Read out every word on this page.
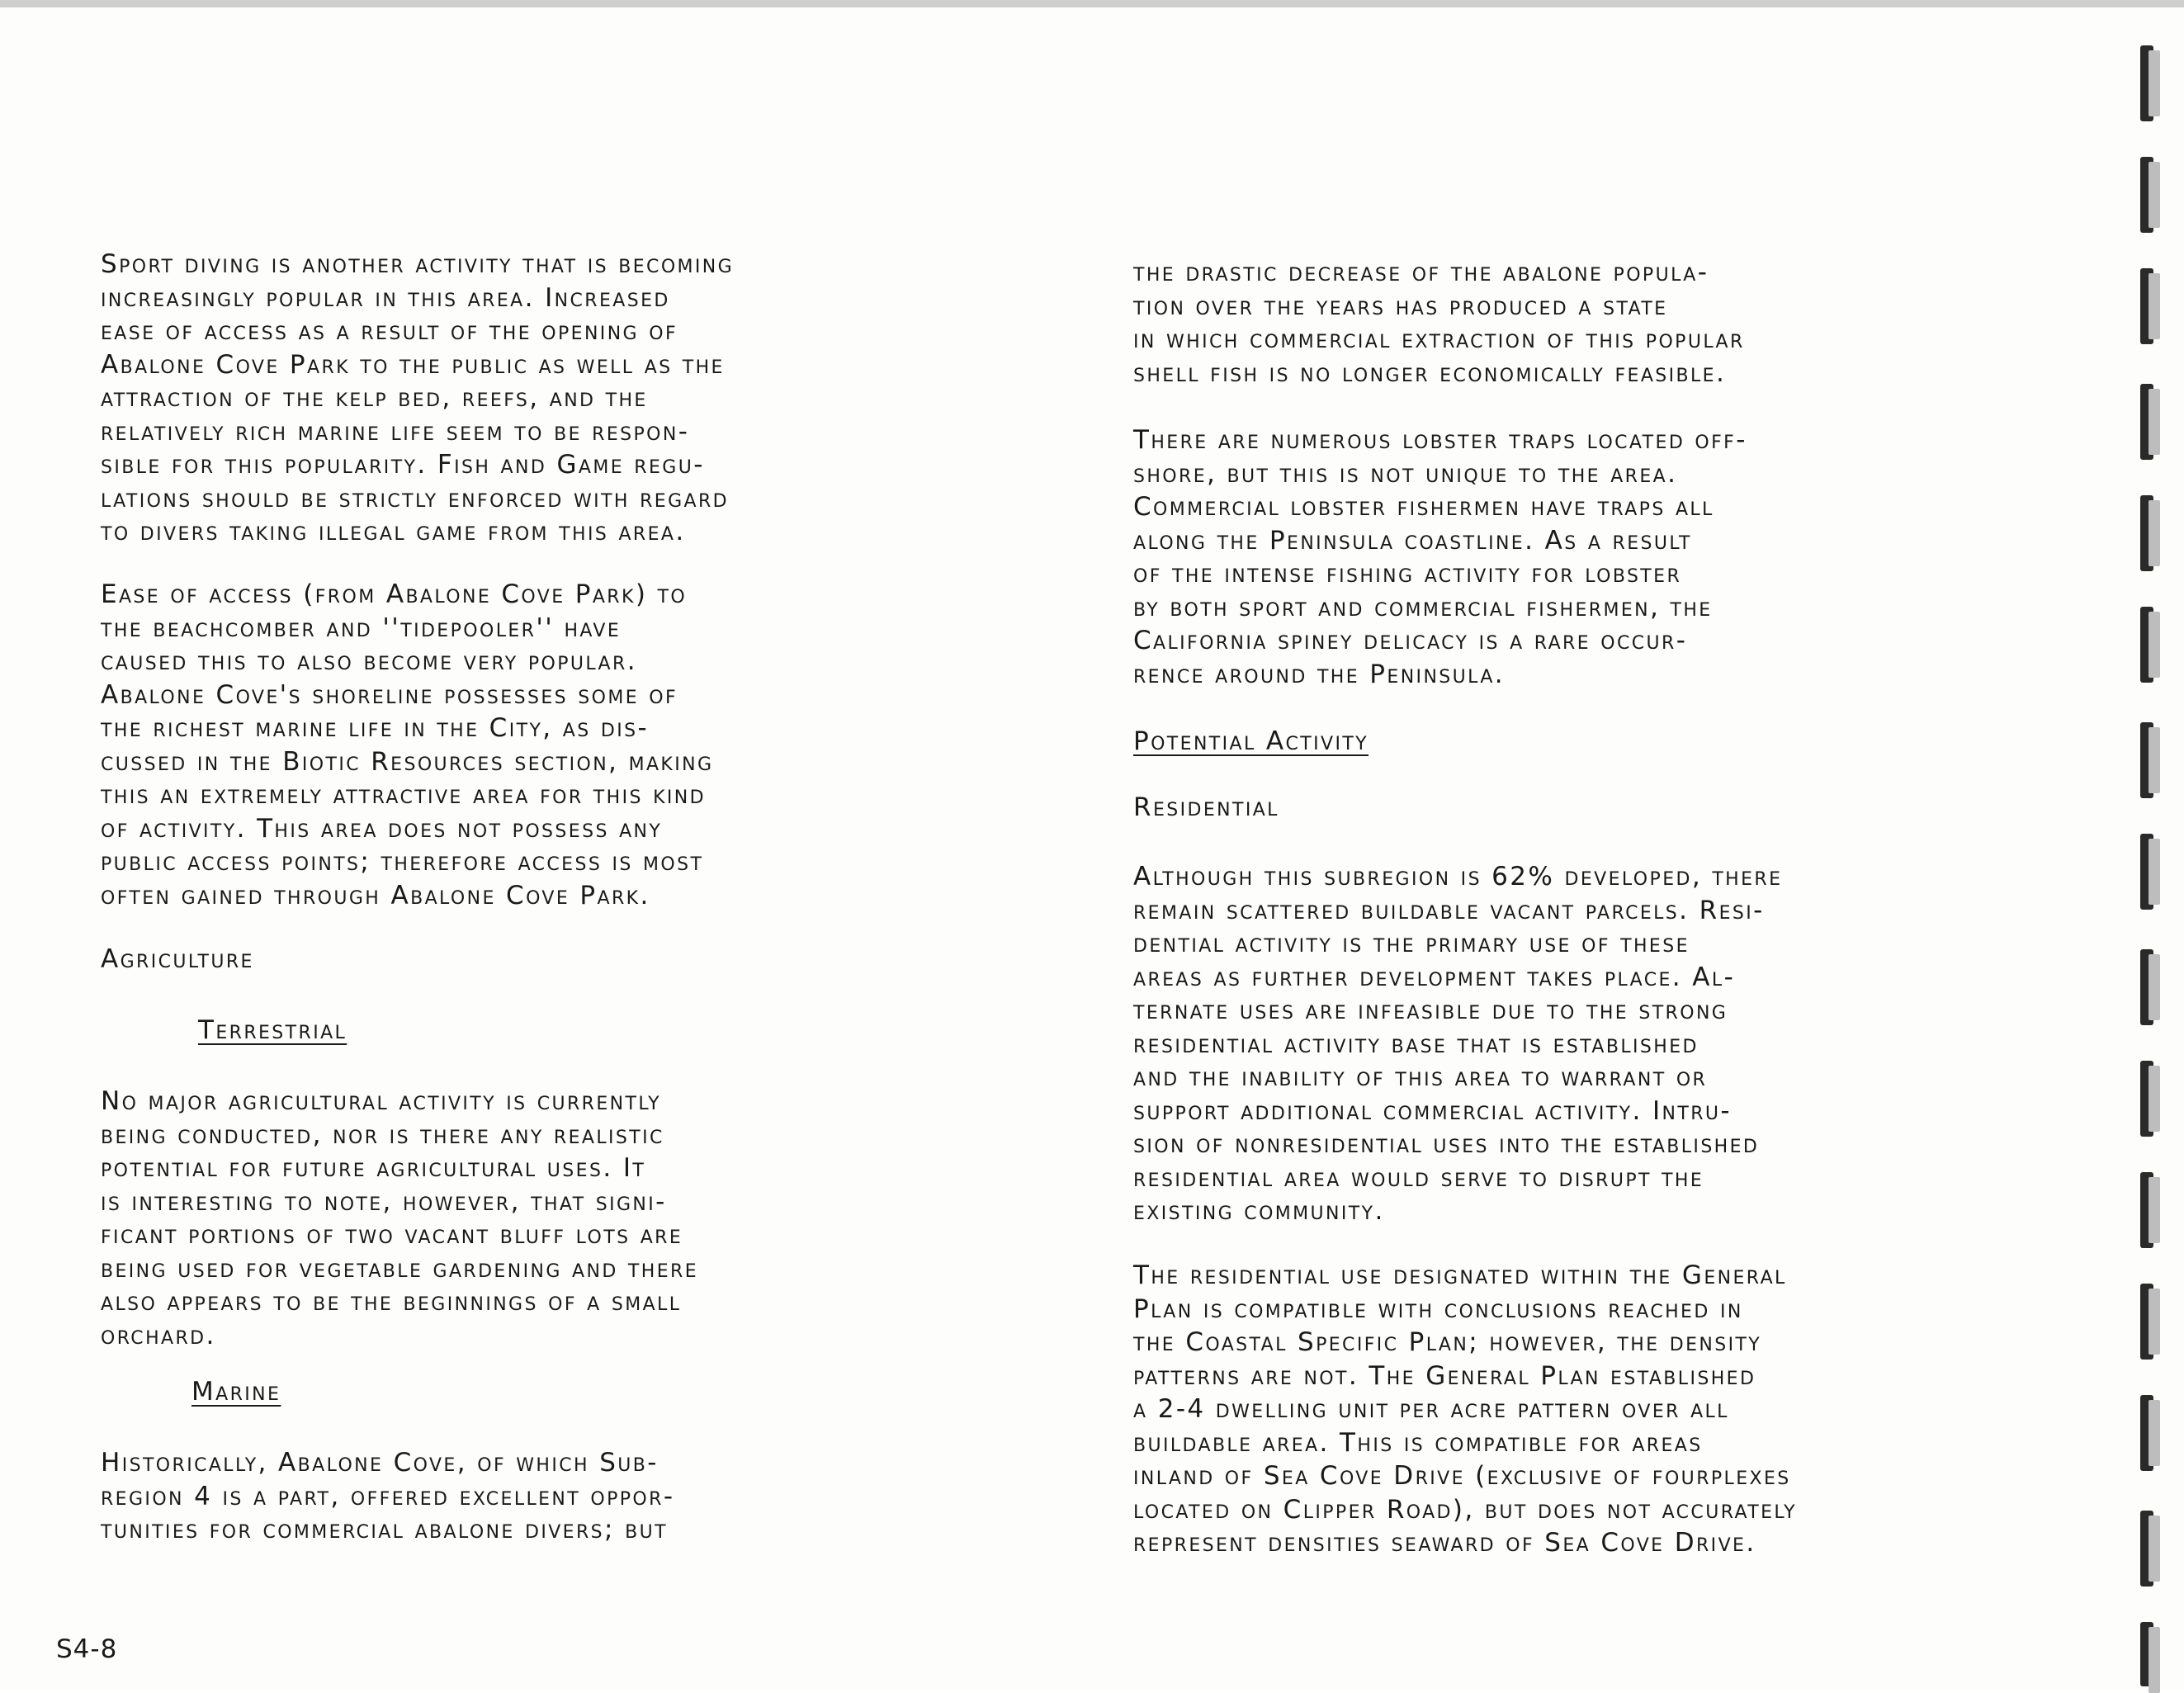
Sport diving is another activity that is becoming
increasingly popular in this area. Increased
ease of access as a result of the opening of
Abalone Cove Park to the public as well as the
attraction of the kelp bed, reefs, and the
relatively rich marine life seem to be respon-
sible for this popularity. Fish and Game regu-
lations should be strictly enforced with regard
to divers taking illegal game from this area.

Ease of access (from Abalone Cove Park) to
the beachcomber and ''tidepooler'' have
caused this to also become very popular.
Abalone Cove's shoreline possesses some of
the richest marine life in the City, as dis-
cussed in the Biotic Resources section, making
this an extremely attractive area for this kind
of activity. This area does not possess any
public access points; therefore access is most
often gained through Abalone Cove Park.

Agriculture

Terrestrial

No major agricultural activity is currently
being conducted, nor is there any realistic
potential for future agricultural uses. It
is interesting to note, however, that signi-
ficant portions of two vacant bluff lots are
being used for vegetable gardening and there
also appears to be the beginnings of a small
orchard.

Marine

Historically, Abalone Cove, of which Sub-
region 4 is a part, offered excellent oppor-
tunities for commercial abalone divers; but

the drastic decrease of the abalone popula-
tion over the years has produced a state
in which commercial extraction of this popular
shell fish is no longer economically feasible.

There are numerous lobster traps located off-
shore, but this is not unique to the area.
Commercial lobster fishermen have traps all
along the Peninsula coastline. As a result
of the intense fishing activity for lobster
by both sport and commercial fishermen, the
California spiney delicacy is a rare occur-
rence around the Peninsula.

Potential Activity

Residential

Although this subregion is 62% developed, there
remain scattered buildable vacant parcels. Resi-
dential activity is the primary use of these
areas as further development takes place. Al-
ternate uses are infeasible due to the strong
residential activity base that is established
and the inability of this area to warrant or
support additional commercial activity. Intru-
sion of nonresidential uses into the established
residential area would serve to disrupt the
existing community.

The residential use designated within the General
Plan is compatible with conclusions reached in
the Coastal Specific Plan; however, the density
patterns are not. The General Plan established
a 2-4 dwelling unit per acre pattern over all
buildable area. This is compatible for areas
inland of Sea Cove Drive (exclusive of fourplexes
located on Clipper Road), but does not accurately
represent densities seaward of Sea Cove Drive.

S4-8
